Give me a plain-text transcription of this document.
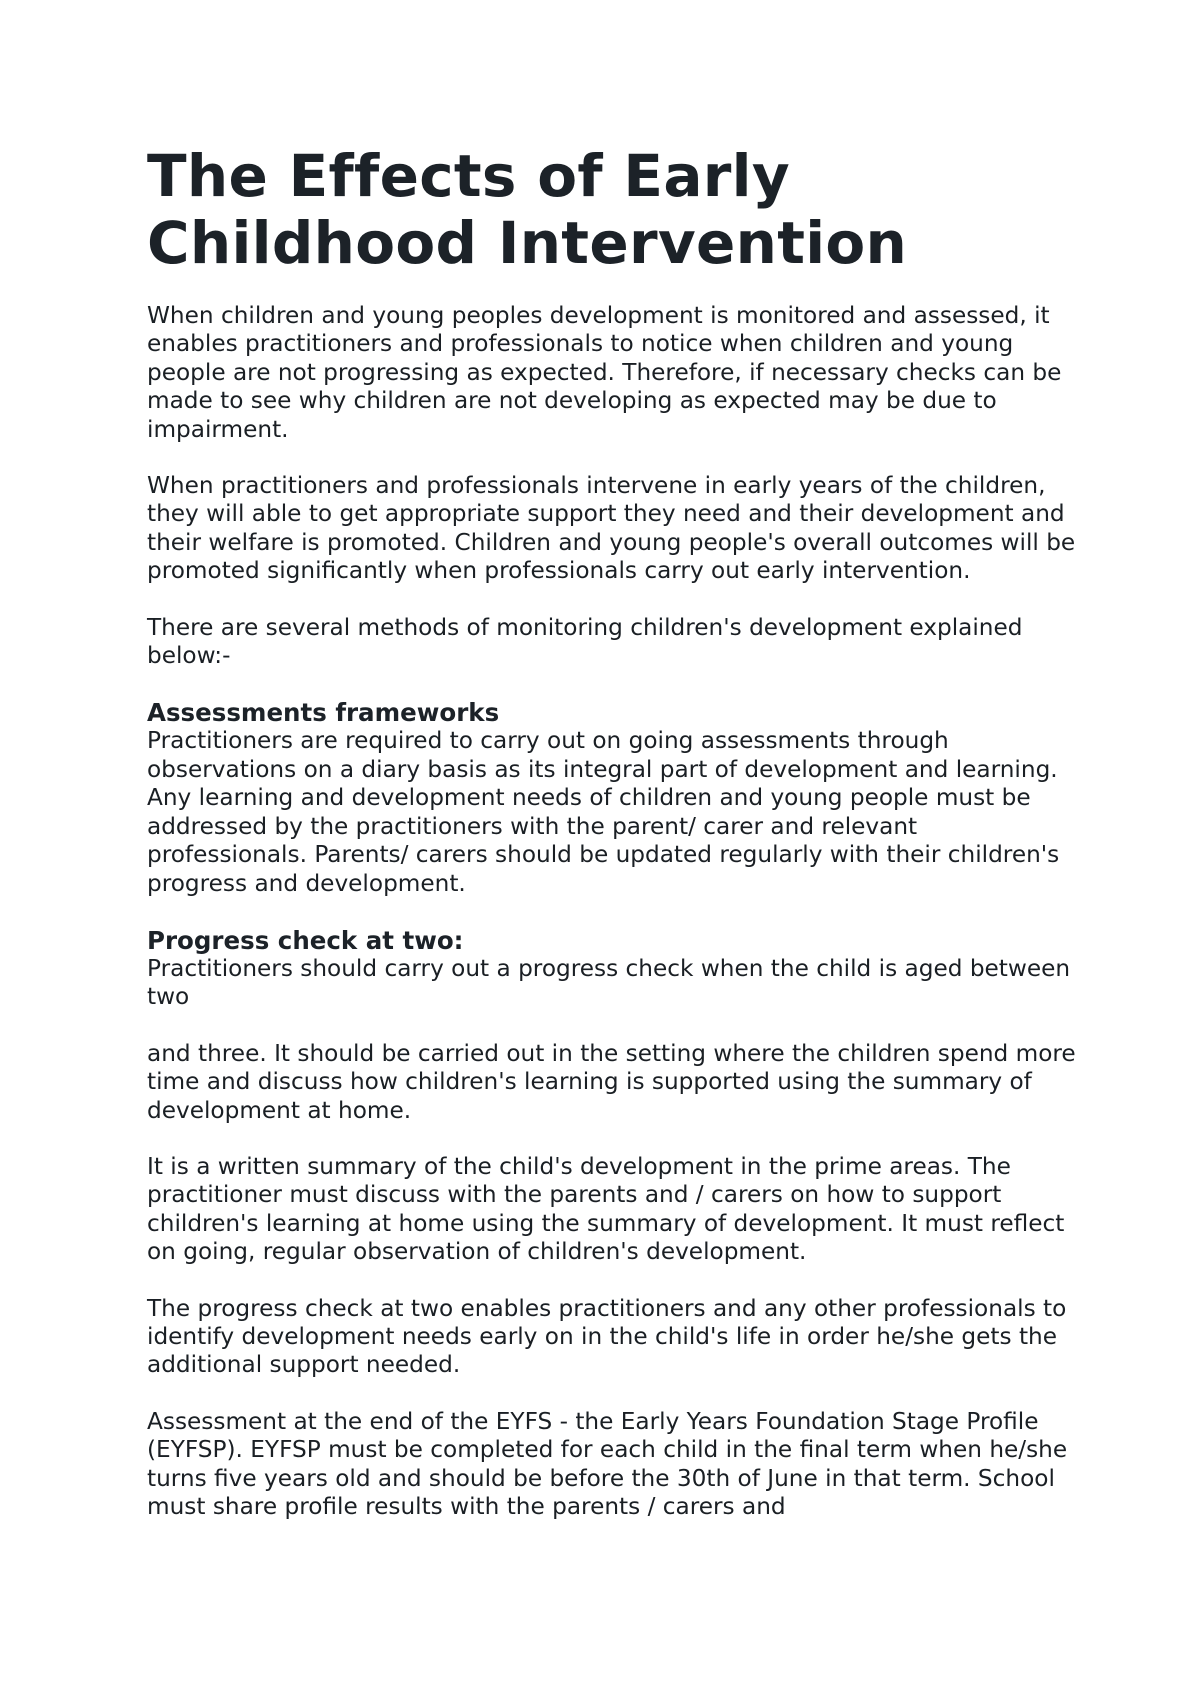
The Effects of Early
Childhood Intervention

When children and young peoples development is monitored and assessed, it enables practitioners and professionals to notice when children and young people are not progressing as expected. Therefore, if necessary checks can be made to see why children are not developing as expected may be due to impairment.

When practitioners and professionals intervene in early years of the children, they will able to get appropriate support they need and their development and their welfare is promoted. Children and young people's overall outcomes will be promoted significantly when professionals carry out early intervention.

There are several methods of monitoring children's development explained below:-

Assessments frameworks

Practitioners are required to carry out on going assessments through observations on a diary basis as its integral part of development and learning. Any learning and development needs of children and young people must be addressed by the practitioners with the parent/ carer and relevant professionals. Parents/ carers should be updated regularly with their children's progress and development.

Progress check at two:

Practitioners should carry out a progress check when the child is aged between two

and three. It should be carried out in the setting where the children spend more time and discuss how children's learning is supported using the summary of development at home.

It is a written summary of the child's development in the prime areas. The practitioner must discuss with the parents and / carers on how to support children's learning at home using the summary of development. It must reflect on going, regular observation of children's development.

The progress check at two enables practitioners and any other professionals to identify development needs early on in the child's life in order he/she gets the additional support needed.

Assessment at the end of the EYFS - the Early Years Foundation Stage Profile (EYFSP). EYFSP must be completed for each child in the final term when he/she turns five years old and should be before the 30th of June in that term. School must share profile results with the parents / carers and
